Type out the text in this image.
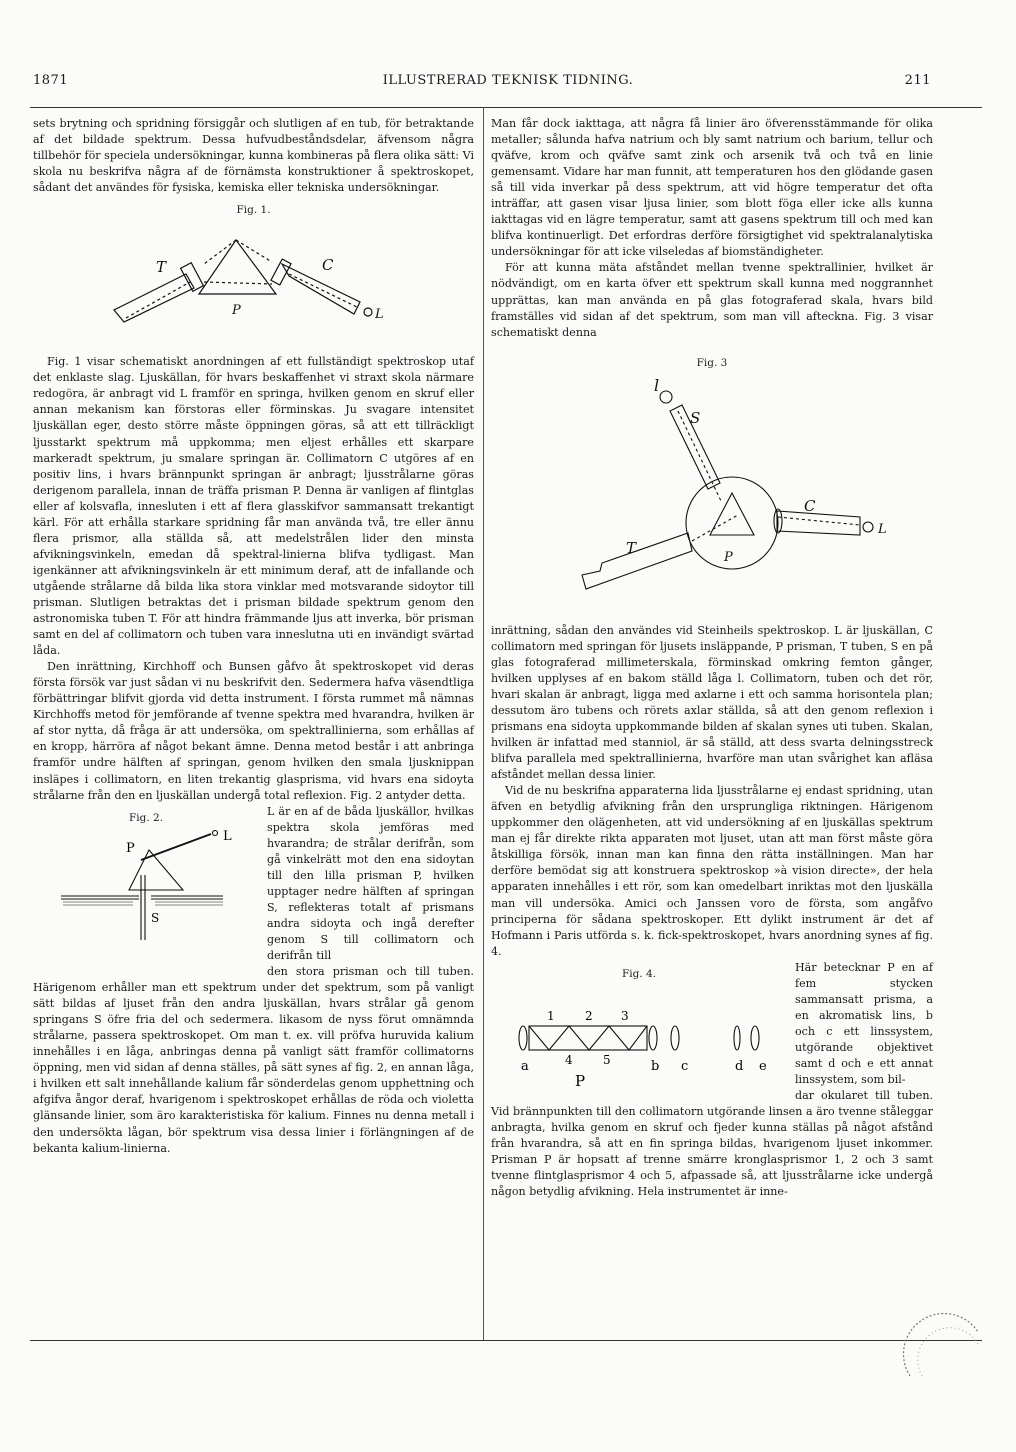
1871	ILLUSTRERAD TEKNISK TIDNING.	211

sets brytning och spridning försiggår och slutligen af en tub, för betraktande af det bildade spektrum. Dessa hufvudbeståndsdelar, äfvensom några tillbehör för speciela undersökningar, kunna kombineras på flera olika sätt: Vi skola nu beskrifva några af de förnämsta konstruktioner å spektroskopet, sådant det användes för fysiska, kemiska eller tekniska undersökningar.

Fig. 1.
T
P
C
L

Fig. 1 visar schematiskt anordningen af ett fullständigt spektroskop utaf det enklaste slag. Ljuskällan, för hvars beskaffenhet vi straxt skola närmare redogöra, är anbragt vid L framför en springa, hvilken genom en skruf eller annan mekanism kan förstoras eller förminskas. Ju svagare intensitet ljuskällan eger, desto större måste öppningen göras, så att ett tillräckligt ljusstarkt spektrum må uppkomma; men eljest erhålles ett skarpare markeradt spektrum, ju smalare springan är. Collimatorn C utgöres af en positiv lins, i hvars brännpunkt springan är anbragt; ljusstrålarne göras derigenom parallela, innan de träffa prisman P. Denna är vanligen af flintglas eller af kolsvafla, innesluten i ett af flera glasskifvor sammansatt trekantigt kärl. För att erhålla starkare spridning får man använda två, tre eller ännu flera prismor, alla ställda så, att medelstrålen lider den minsta afvikningsvinkeln, emedan då spektral-linierna blifva tydligast. Man igenkänner att afvikningsvinkeln är ett minimum deraf, att de infallande och utgående strålarne då bilda lika stora vinklar med motsvarande sidoytor till prisman. Slutligen betraktas det i prisman bildade spektrum genom den astronomiska tuben T. För att hindra främmande ljus att inverka, bör prisman samt en del af collimatorn och tuben vara inneslutna uti en invändigt svärtad låda.

Den inrättning, Kirchhoff och Bunsen gåfvo åt spektroskopet vid deras första försök var just sådan vi nu beskrifvit den. Sedermera hafva väsendtliga förbättringar blifvit gjorda vid detta instrument. I första rummet må nämnas Kirchhoffs metod för jemförande af tvenne spektra med hvarandra, hvilken är af stor nytta, då fråga är att undersöka, om spektrallinierna, som erhållas af en kropp, härröra af något bekant ämne. Denna metod består i att anbringa framför undre hälften af springan, genom hvilken den smala ljusknippan insläpes i collimatorn, en liten trekantig glasprisma, vid hvars ena sidoyta strålarne från den en ljuskällan undergå total reflexion. Fig. 2 antyder detta.

Fig. 2.
P
L
S

L är en af de båda ljuskällor, hvilkas spektra skola jemföras med hvarandra; de strålar derifrån, som gå vinkelrätt mot den ena sidoytan till den lilla prisman P, hvilken upptager nedre hälften af springan S, reflekteras totalt af prismans andra sidoyta och ingå derefter genom S till collimatorn och derifrån till

den stora prisman och till tuben. Härigenom erhåller man ett spektrum under det spektrum, som på vanligt sätt bildas af ljuset från den andra ljuskällan, hvars strålar gå genom springans S öfre fria del och sedermera. likasom de nyss förut omnämnda strålarne, passera spektroskopet. Om man t. ex. vill pröfva huruvida kalium innehålles i en låga, anbringas denna på vanligt sätt framför collimatorns öppning, men vid sidan af denna ställes, på sätt synes af fig. 2, en annan låga, i hvilken ett salt innehållande kalium får sönderdelas genom upphettning och afgifva ångor deraf, hvarigenom i spektroskopet erhållas de röda och violetta glänsande linier, som äro karakteristiska för kalium. Finnes nu denna metall i den undersökta lågan, bör spektrum visa dessa linier i förlängningen af de bekanta kalium-linierna.

Man får dock iakttaga, att några få linier äro öfverensstämmande för olika metaller; sålunda hafva natrium och bly samt natrium och barium, tellur och qväfve, krom och qväfve samt zink och arsenik två och två en linie gemensamt. Vidare har man funnit, att temperaturen hos den glödande gasen så till vida inverkar på dess spektrum, att vid högre temperatur det ofta inträffar, att gasen visar ljusa linier, som blott föga eller icke alls kunna iakttagas vid en lägre temperatur, samt att gasens spektrum till och med kan blifva kontinuerligt. Det erfordras derföre försigtighet vid spektralanalytiska undersökningar för att icke vilseledas af biomständigheter.

För att kunna mäta afståndet mellan tvenne spektrallinier, hvilket är nödvändigt, om en karta öfver ett spektrum skall kunna med noggrannhet upprättas, kan man använda en på glas fotograferad skala, hvars bild framställes vid sidan af det spektrum, som man vill afteckna. Fig. 3 visar schematiskt denna

Fig. 3
l
S
T
P
C
L

inrättning, sådan den användes vid Steinheils spektroskop. L är ljuskällan, C collimatorn med springan för ljusets insläppande, P prisman, T tuben, S en på glas fotograferad millimeterskala, förminskad omkring femton gånger, hvilken upplyses af en bakom ställd låga l. Collimatorn, tuben och det rör, hvari skalan är anbragt, ligga med axlarne i ett och samma horisontela plan; dessutom äro tubens och rörets axlar ställda, så att den genom reflexion i prismans ena sidoyta uppkommande bilden af skalan synes uti tuben. Skalan, hvilken är infattad med stanniol, är så ställd, att dess svarta delningsstreck blifva parallela med spektrallinierna, hvarföre man utan svårighet kan afläsa afståndet mellan dessa linier.

Vid de nu beskrifna apparaterna lida ljusstrålarne ej endast spridning, utan äfven en betydlig afvikning från den ursprungliga riktningen. Härigenom uppkommer den olägenheten, att vid undersökning af en ljuskällas spektrum man ej får direkte rikta apparaten mot ljuset, utan att man först måste göra åtskilliga försök, innan man kan finna den rätta inställningen. Man har derföre bemödat sig att konstruera spektroskop »à vision directe», der hela apparaten innehålles i ett rör, som kan omedelbart inriktas mot den ljuskälla man vill undersöka. Amici och Janssen voro de första, som angåfvo principerna för sådana spektroskoper. Ett dylikt instrument är det af Hofmann i Paris utförda s. k. fick-spektroskopet, hvars anordning synes af fig. 4.

Fig. 4.
1	2 3
4	5
a	b c	d e
P

Här betecknar P en af fem stycken sammansatt prisma, a en akromatisk lins, b och c ett linssystem, utgörande objektivet samt d och e ett annat linssystem, som bil-

dar okularet till tuben. Vid brännpunkten till den collimatorn utgörande linsen a äro tvenne ståleggar anbragta, hvilka genom en skruf och fjeder kunna ställas på något afstånd från hvarandra, så att en fin springa bildas, hvarigenom ljuset inkommer. Prisman P är hopsatt af trenne smärre kronglasprismor 1, 2 och 3 samt tvenne flintglasprismor 4 och 5, afpassade så, att ljusstrålarne icke undergå någon betydlig afvikning. Hela instrumentet är inne-
